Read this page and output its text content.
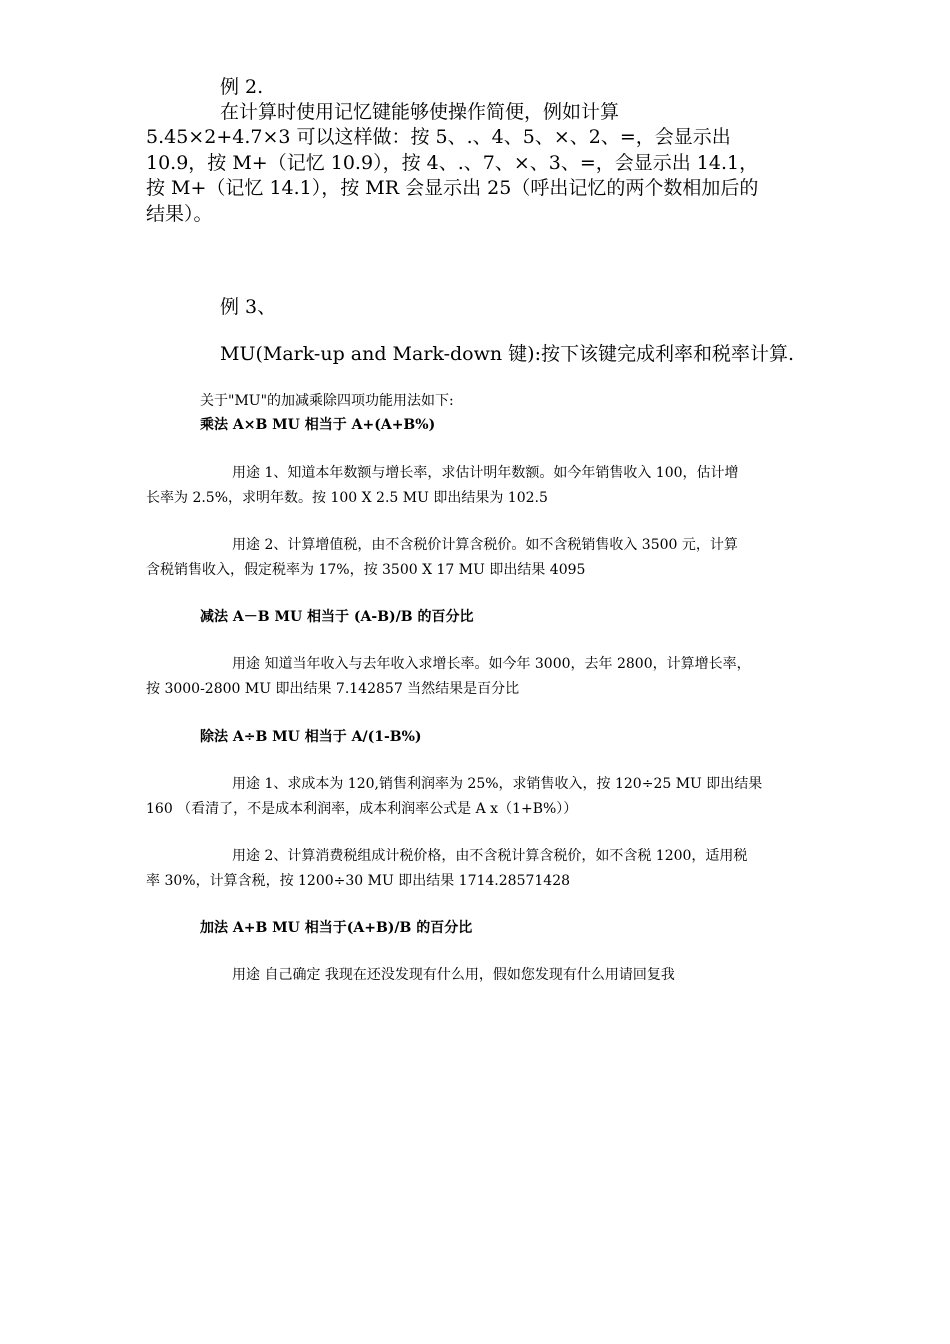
例 2.
在计算时使用记忆键能够使操作简便，例如计算
5.45×2+4.7×3 可以这样做：按 5、.、4、5、×、2、=，会显示出
10.9，按 M+（记忆 10.9），按 4、.、7、×、3、=，会显示出 14.1，
按 M+（记忆 14.1），按 MR 会显示出 25（呼出记忆的两个数相加后的
结果）。
例 3、
MU(Mark-up and Mark-down 键):按下该键完成利率和税率计算.
关于"MU"的加减乘除四项功能用法如下:
乘法 A×B MU 相当于 A+(A+B%)
用途 1、知道本年数额与增长率，求估计明年数额。如今年销售收入 100，估计增
长率为 2.5%，求明年数。按 100 X 2.5 MU 即出结果为 102.5
用途 2、计算增值税，由不含税价计算含税价。如不含税销售收入 3500 元，计算
含税销售收入，假定税率为 17%，按 3500 X 17 MU 即出结果 4095
减法 A－B MU 相当于 (A-B)/B 的百分比
用途 知道当年收入与去年收入求增长率。如今年 3000，去年 2800，计算增长率，
按 3000-2800 MU 即出结果 7.142857 当然结果是百分比
除法 A÷B MU 相当于 A/(1-B%)
用途 1、求成本为 120,销售利润率为 25%，求销售收入，按 120÷25 MU 即出结果
160 （看清了，不是成本利润率，成本利润率公式是 A x（1+B%））
用途 2、计算消费税组成计税价格，由不含税计算含税价，如不含税 1200，适用税
率 30%，计算含税，按 1200÷30 MU 即出结果 1714.28571428
加法 A+B MU 相当于(A+B)/B 的百分比
用途 自己确定 我现在还没发现有什么用，假如您发现有什么用请回复我
